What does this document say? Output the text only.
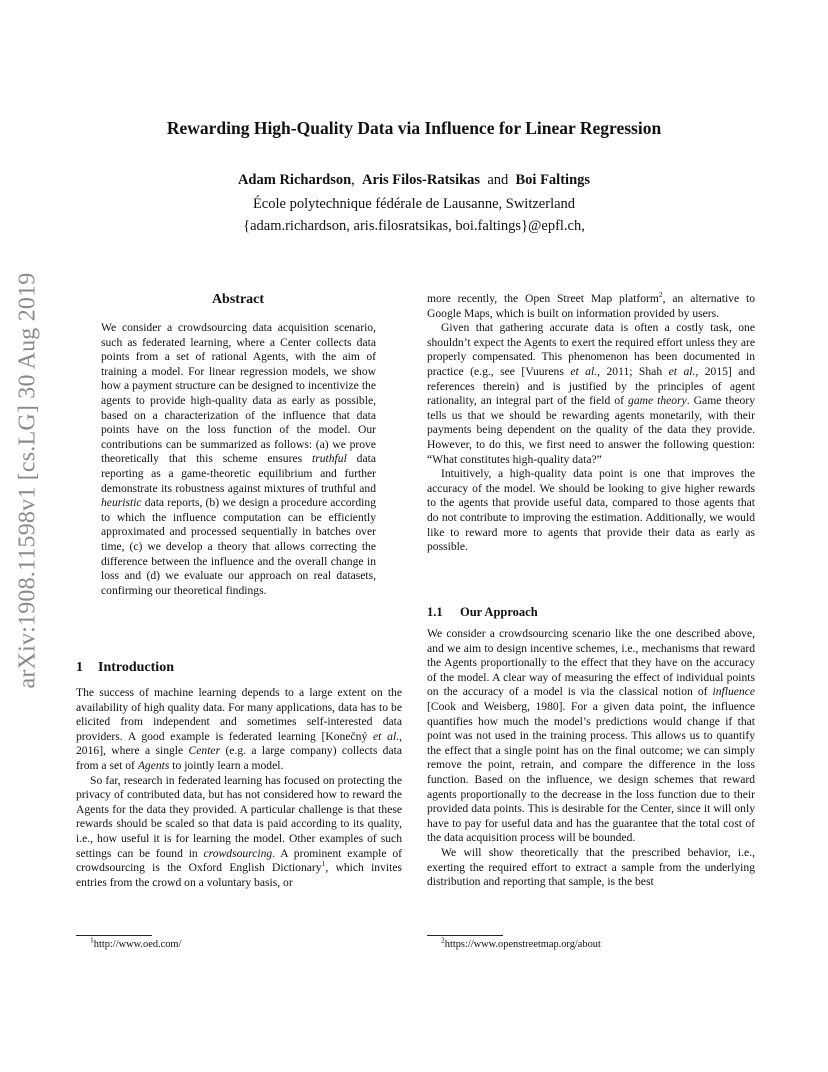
arXiv:1908.11598v1 [cs.LG] 30 Aug 2019
Rewarding High-Quality Data via Influence for Linear Regression
Adam Richardson,  Aris Filos-Ratsikas  and  Boi Faltings
École polytechnique fédérale de Lausanne, Switzerland
{adam.richardson, aris.filosratsikas, boi.faltings}@epfl.ch,
Abstract

We consider a crowdsourcing data acquisition scenario, such as federated learning, where a Center collects data points from a set of rational Agents, with the aim of training a model. For linear regression models, we show how a payment structure can be designed to incentivize the agents to provide high-quality data as early as possible, based on a characterization of the influence that data points have on the loss function of the model. Our contributions can be summarized as follows: (a) we prove theoretically that this scheme ensures truthful data reporting as a game-theoretic equilibrium and further demonstrate its robustness against mixtures of truthful and heuristic data reports, (b) we design a procedure according to which the influence computation can be efficiently approximated and processed sequentially in batches over time, (c) we develop a theory that allows correcting the difference between the influence and the overall change in loss and (d) we evaluate our approach on real datasets, confirming our theoretical findings.

1 Introduction

The success of machine learning depends to a large extent on the availability of high quality data. For many applications, data has to be elicited from independent and sometimes self-interested data providers. A good example is federated learning [Konečný et al., 2016], where a single Center (e.g. a large company) collects data from a set of Agents to jointly learn a model.

So far, research in federated learning has focused on protecting the privacy of contributed data, but has not considered how to reward the Agents for the data they provided. A particular challenge is that these rewards should be scaled so that data is paid according to its quality, i.e., how useful it is for learning the model. Other examples of such settings can be found in crowdsourcing. A prominent example of crowdsourcing is the Oxford English Dictionary$^1$, which invites entries from the crowd on a voluntary basis, or

$^1$http://www.oed.com/

more recently, the Open Street Map platform$^2$, an alternative to Google Maps, which is built on information provided by users.

Given that gathering accurate data is often a costly task, one shouldn’t expect the Agents to exert the required effort unless they are properly compensated. This phenomenon has been documented in practice (e.g., see [Vuurens et al., 2011; Shah et al., 2015] and references therein) and is justified by the principles of agent rationality, an integral part of the field of game theory. Game theory tells us that we should be rewarding agents monetarily, with their payments being dependent on the quality of the data they provide. However, to do this, we first need to answer the following question: “What constitutes high-quality data?”

Intuitively, a high-quality data point is one that improves the accuracy of the model. We should be looking to give higher rewards to the agents that provide useful data, compared to those agents that do not contribute to improving the estimation. Additionally, we would like to reward more to agents that provide their data as early as possible.

1.1 Our Approach

We consider a crowdsourcing scenario like the one described above, and we aim to design incentive schemes, i.e., mechanisms that reward the Agents proportionally to the effect that they have on the accuracy of the model. A clear way of measuring the effect of individual points on the accuracy of a model is via the classical notion of influence [Cook and Weisberg, 1980]. For a given data point, the influence quantifies how much the model’s predictions would change if that point was not used in the training process. This allows us to quantify the effect that a single point has on the final outcome; we can simply remove the point, retrain, and compare the difference in the loss function. Based on the influence, we design schemes that reward agents proportionally to the decrease in the loss function due to their provided data points. This is desirable for the Center, since it will only have to pay for useful data and has the guarantee that the total cost of the data acquisition process will be bounded.

We will show theoretically that the prescribed behavior, i.e., exerting the required effort to extract a sample from the underlying distribution and reporting that sample, is the best

$^2$https://www.openstreetmap.org/about
